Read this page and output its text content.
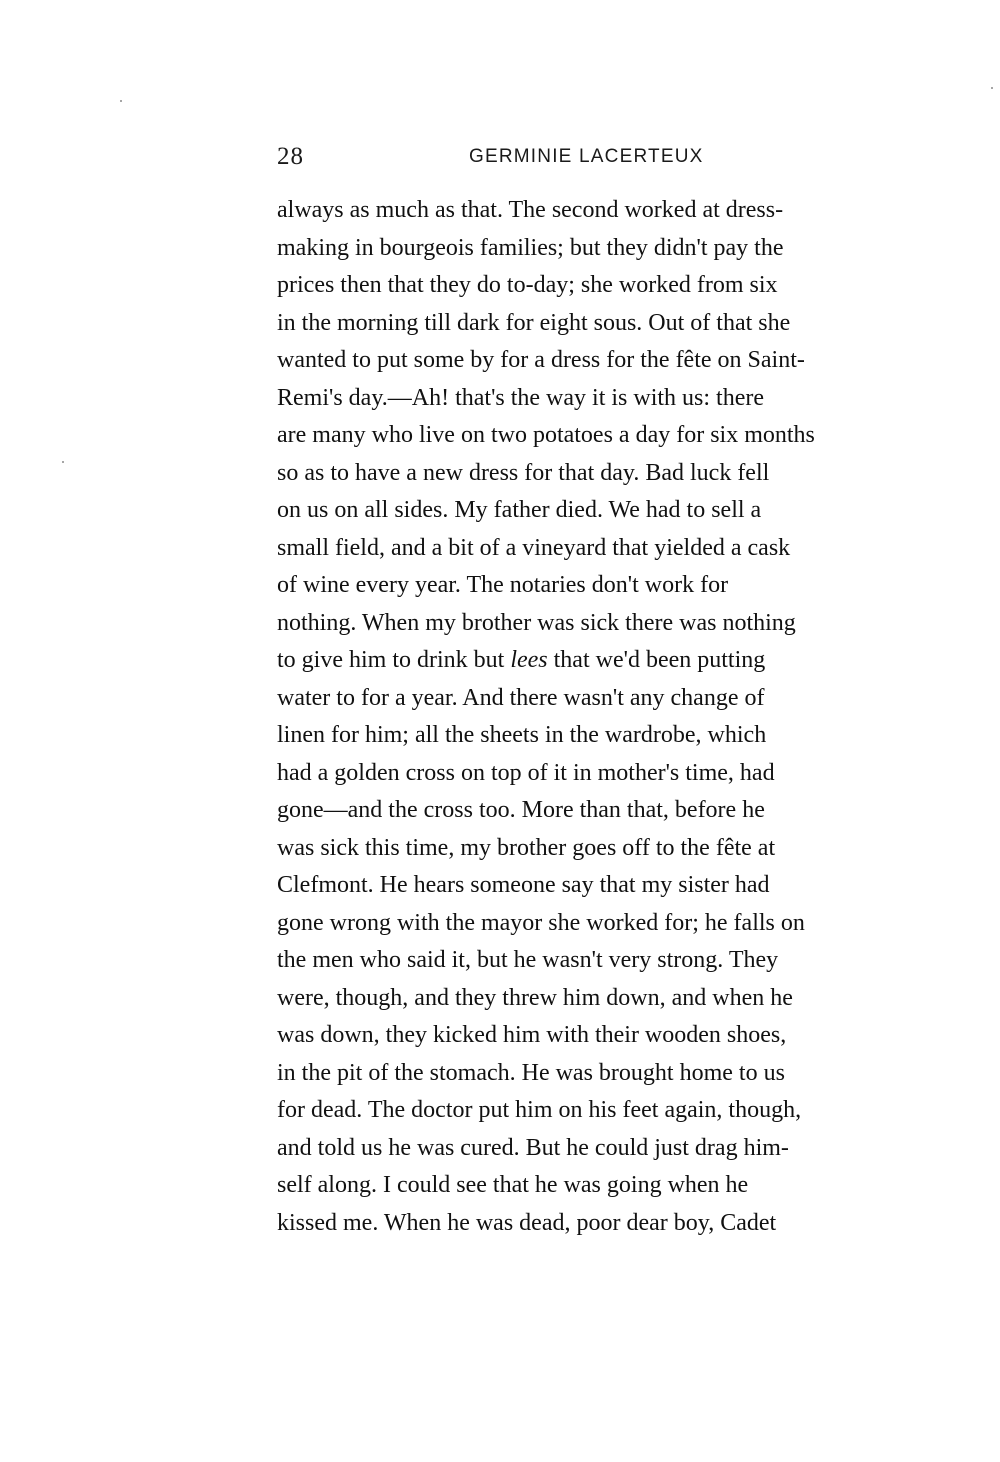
28	GERMINIE LACERTEUX
always as much as that. The second worked at dress-
making in bourgeois families; but they didn't pay the
prices then that they do to-day; she worked from six
in the morning till dark for eight sous. Out of that she
wanted to put some by for a dress for the fête on Saint-
Remi's day.—Ah! that's the way it is with us: there
are many who live on two potatoes a day for six months
so as to have a new dress for that day. Bad luck fell
on us on all sides. My father died. We had to sell a
small field, and a bit of a vineyard that yielded a cask
of wine every year. The notaries don't work for
nothing. When my brother was sick there was nothing
to give him to drink but lees that we'd been putting
water to for a year. And there wasn't any change of
linen for him; all the sheets in the wardrobe, which
had a golden cross on top of it in mother's time, had
gone—and the cross too. More than that, before he
was sick this time, my brother goes off to the fête at
Clefmont. He hears someone say that my sister had
gone wrong with the mayor she worked for; he falls on
the men who said it, but he wasn't very strong. They
were, though, and they threw him down, and when he
was down, they kicked him with their wooden shoes,
in the pit of the stomach. He was brought home to us
for dead. The doctor put him on his feet again, though,
and told us he was cured. But he could just drag him-
self along. I could see that he was going when he
kissed me. When he was dead, poor dear boy, Cadet
